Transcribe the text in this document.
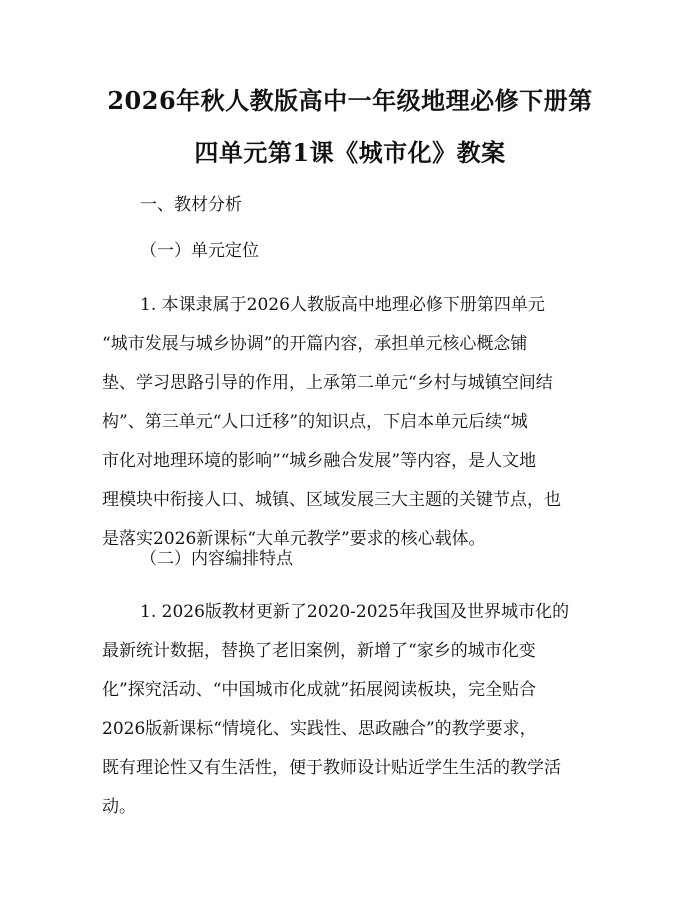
2026年秋人教版高中一年级地理必修下册第
四单元第1课《城市化》教案

一、教材分析

（一）单元定位

1. 本课隶属于2026人教版高中地理必修下册第四单元
“城市发展与城乡协调”的开篇内容，承担单元核心概念铺
垫、学习思路引导的作用，上承第二单元“乡村与城镇空间结
构”、第三单元“人口迁移”的知识点，下启本单元后续“城
市化对地理环境的影响”“城乡融合发展”等内容，是人文地
理模块中衔接人口、城镇、区域发展三大主题的关键节点，也
是落实2026新课标“大单元教学”要求的核心载体。

（二）内容编排特点

1. 2026版教材更新了2020-2025年我国及世界城市化的
最新统计数据，替换了老旧案例，新增了“家乡的城市化变
化”探究活动、“中国城市化成就”拓展阅读板块，完全贴合
2026版新课标“情境化、实践性、思政融合”的教学要求，
既有理论性又有生活性，便于教师设计贴近学生生活的教学活
动。
